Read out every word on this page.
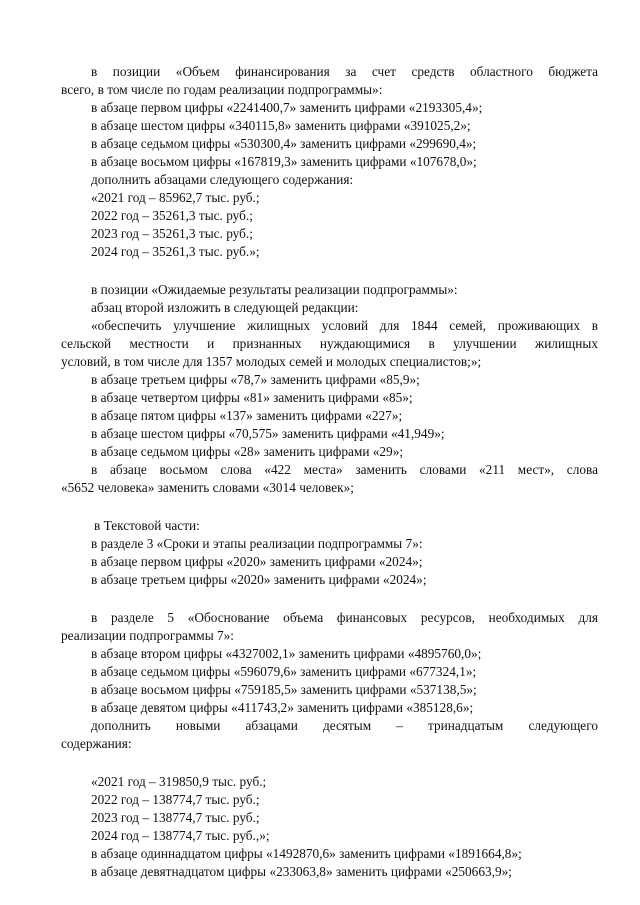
в позиции «Объем финансирования за счет средств областного бюджета
всего, в том числе по годам реализации подпрограммы»:
в абзаце первом цифры «2241400,7» заменить цифрами «2193305,4»;
в абзаце шестом цифры «340115,8» заменить цифрами «391025,2»;
в абзаце седьмом цифры «530300,4» заменить цифрами «299690,4»;
в абзаце восьмом цифры «167819,3» заменить цифрами «107678,0»;
дополнить абзацами следующего содержания:
«2021 год – 85962,7 тыс. руб.;
2022 год – 35261,3 тыс. руб.;
2023 год – 35261,3 тыс. руб.;
2024 год – 35261,3 тыс. руб.»;
в позиции «Ожидаемые результаты реализации подпрограммы»:
абзац второй изложить в следующей редакции:
«обеспечить улучшение жилищных условий для 1844 семей, проживающих в
сельской местности и признанных нуждающимися в улучшении жилищных
условий, в том числе для 1357 молодых семей и молодых специалистов;»;
в абзаце третьем цифры «78,7» заменить цифрами «85,9»;
в абзаце четвертом цифры «81» заменить цифрами «85»;
в абзаце пятом цифры «137» заменить цифрами «227»;
в абзаце шестом цифры «70,575» заменить цифрами «41,949»;
в абзаце седьмом цифры «28» заменить цифрами «29»;
в абзаце восьмом слова «422 места» заменить словами «211 мест», слова
«5652 человека» заменить словами «3014 человек»;
в Текстовой части:
в разделе 3 «Сроки и этапы реализации подпрограммы 7»:
в абзаце первом цифры «2020» заменить цифрами «2024»;
в абзаце третьем цифры «2020» заменить цифрами «2024»;
в разделе 5 «Обоснование объема финансовых ресурсов, необходимых для
реализации подпрограммы 7»:
в абзаце втором цифры «4327002,1» заменить цифрами «4895760,0»;
в абзаце седьмом цифры «596079,6» заменить цифрами «677324,1»;
в абзаце восьмом цифры «759185,5» заменить цифрами «537138,5»;
в абзаце девятом цифры «411743,2» заменить цифрами «385128,6»;
дополнить новыми абзацами десятым – тринадцатым следующего
содержания:
«2021 год – 319850,9 тыс. руб.;
2022 год – 138774,7 тыс. руб.;
2023 год – 138774,7 тыс. руб.;
2024 год – 138774,7 тыс. руб.,»;
в абзаце одиннадцатом цифры «1492870,6» заменить цифрами «1891664,8»;
в абзаце девятнадцатом цифры «233063,8» заменить цифрами «250663,9»;
